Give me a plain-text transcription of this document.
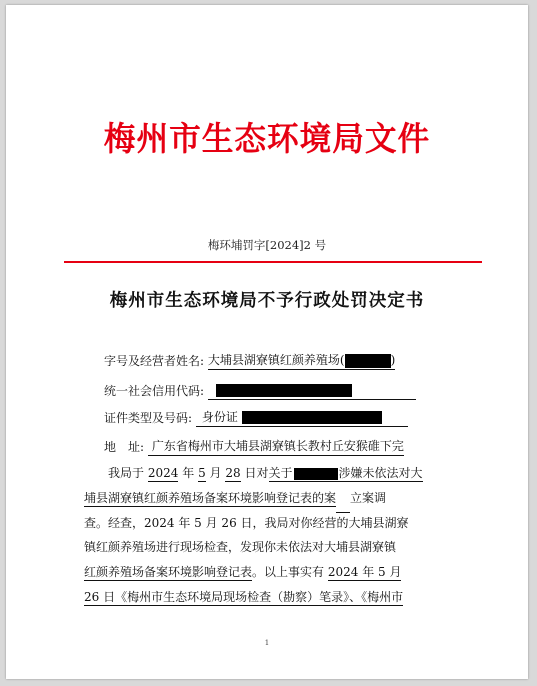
梅州市生态环境局文件
梅环埔罚字[2024]2 号
梅州市生态环境局不予行政处罚决定书
字号及经营者姓名: 大埔县湖寮镇红颜养殖场(	)
统一社会信用代码:
证件类型及号码: 身份证
地　址: 广东省梅州市大埔县湖寮镇长教村丘安猴碓下完
我局于 2024 年 5 月 28 日对关于	涉嫌未依法对大
埔县湖寮镇红颜养殖场备案环境影响登记表的案 立案调
查。经查，2024 年 5 月 26 日，我局对你经营的大埔县湖寮
镇红颜养殖场进行现场检查，发现你未依法对大埔县湖寮镇
红颜养殖场备案环境影响登记表。以上事实有 2024 年 5 月
26 日《梅州市生态环境局现场检查（勘察）笔录》、《梅州市
1
